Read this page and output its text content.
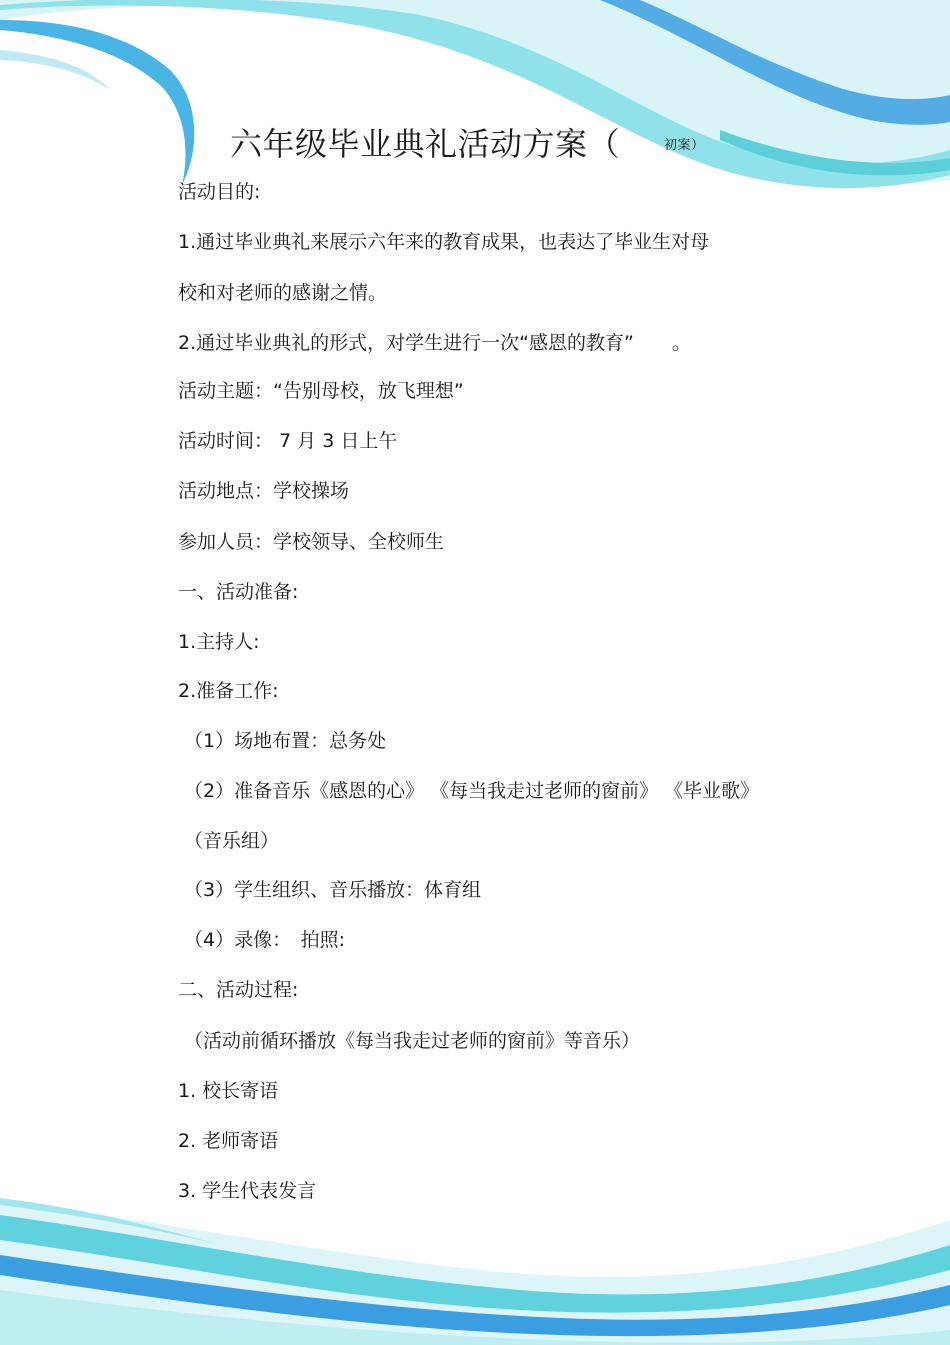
六年级毕业典礼活动方案（	初案）
活动目的:
1.通过毕业典礼来展示六年来的教育成果，也表达了毕业生对母
校和对老师的感谢之情。
2.通过毕业典礼的形式，对学生进行一次“感恩的教育”　　。
活动主题：“告别母校，放飞理想”
活动时间： 7 月 3 日上午
活动地点：学校操场
参加人员：学校领导、全校师生
一、活动准备:
1.主持人:
2.准备工作:
（1）场地布置：总务处
（2）准备音乐《感恩的心》 《每当我走过老师的窗前》 《毕业歌》
（音乐组）
（3）学生组织、音乐播放：体育组
（4）录像：　拍照:
二、活动过程:
（活动前循环播放《每当我走过老师的窗前》等音乐）
1. 校长寄语
2. 老师寄语
3. 学生代表发言
